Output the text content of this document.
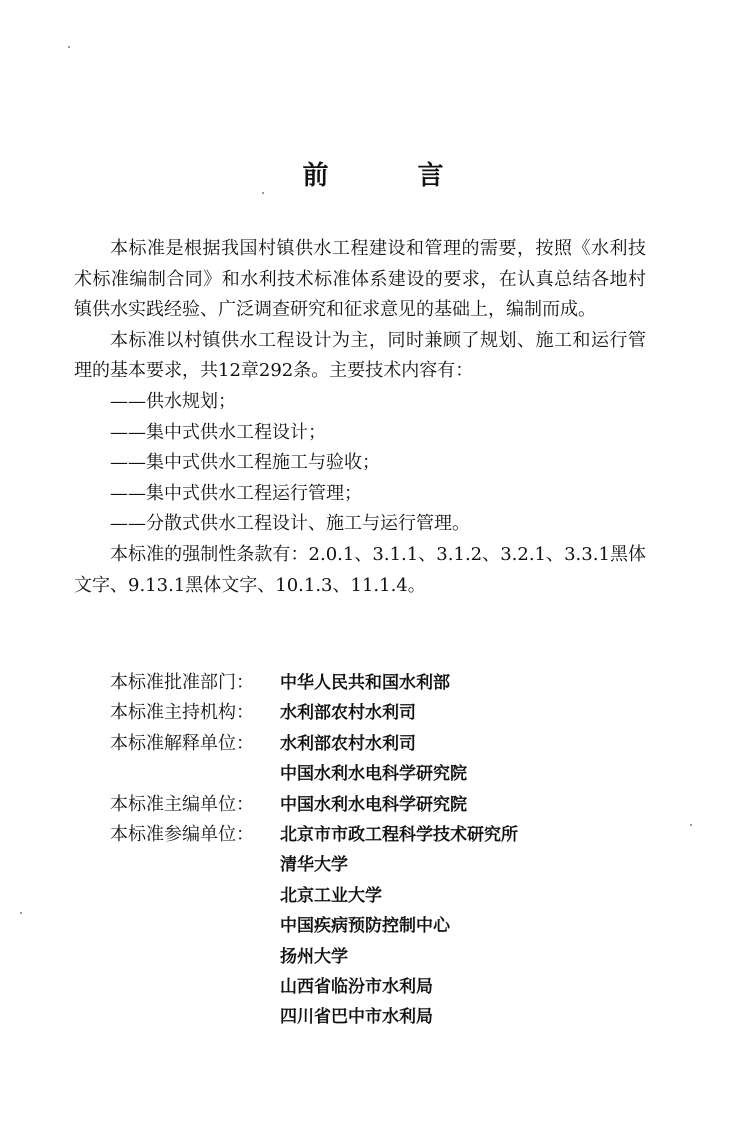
前 言

本标准是根据我国村镇供水工程建设和管理的需要，按照《水利技术标准编制合同》和水利技术标准体系建设的要求，在认真总结各地村镇供水实践经验、广泛调查研究和征求意见的基础上，编制而成。

本标准以村镇供水工程设计为主，同时兼顾了规划、施工和运行管理的基本要求，共12章292条。主要技术内容有：

——供水规划；

——集中式供水工程设计；

——集中式供水工程施工与验收；

——集中式供水工程运行管理；

——分散式供水工程设计、施工与运行管理。

本标准的强制性条款有：2.0.1、3.1.1、3.1.2、3.2.1、3.3.1黑体文字、9.13.1黑体文字、10.1.3、11.1.4。

本标准批准部门：	中华人民共和国水利部
本标准主持机构：	水利部农村水利司
本标准解释单位：	水利部农村水利司
中国水利水电科学研究院
本标准主编单位：	中国水利水电科学研究院
本标准参编单位：	北京市市政工程科学技术研究所
清华大学
北京工业大学
中国疾病预防控制中心
扬州大学
山西省临汾市水利局
四川省巴中市水利局
